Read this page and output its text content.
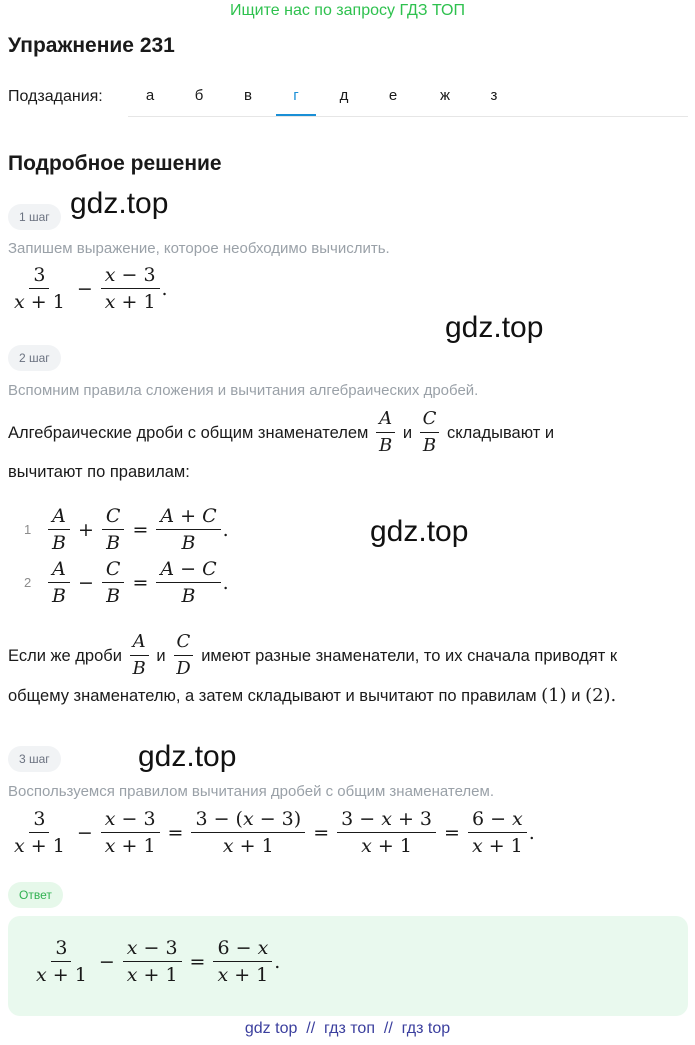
Ищите нас по запросу ГДЗ ТОП
Упражнение 231
Подзадания:	а	б	в	г	д	е	ж	з
Подробное решение
1 шаг gdz.top
Запишем выражение, которое необходимо вычислить.
$\frac{3}{x + 1} - \frac{x - 3}{x + 1}$ .
gdz.top
2 шаг
Вспомним правила сложения и вычитания алгебраических дробей.
Алгебраические дроби с общим знаменателем
$\frac{A}{B}$
и
$\frac{C}{B}$
складывают и
вычитают по правилам:
$1 \frac{A}{B} + \frac{C}{B} = \frac{A + C}{B}$ .	gdz.top
$2 \frac{A}{B} - \frac{C}{B} = \frac{A - C}{B}$ .
Если же дроби
$\frac{A}{B}$
и
$\frac{C}{D}$
имеют разные знаменатели, то их сначала приводят к
общему знаменателю, а затем складывают и вычитают по правилам
(1)
и
(2).
3 шаг	gdz.top
Воспользуемся правилом вычитания дробей с общим знаменателем.
$\frac{3}{x + 1} - \frac{x - 3}{x + 1} = \frac{3 - (x - 3)}{x + 1} = \frac{3 - x + 3}{x + 1} = \frac{6 - x}{x + 1}$ .
Ответ
$\frac{3}{x + 1} - \frac{x - 3}{x + 1} = \frac{6 - x}{x + 1}$ .
gdz top  //  гдз топ  //  гдз top
